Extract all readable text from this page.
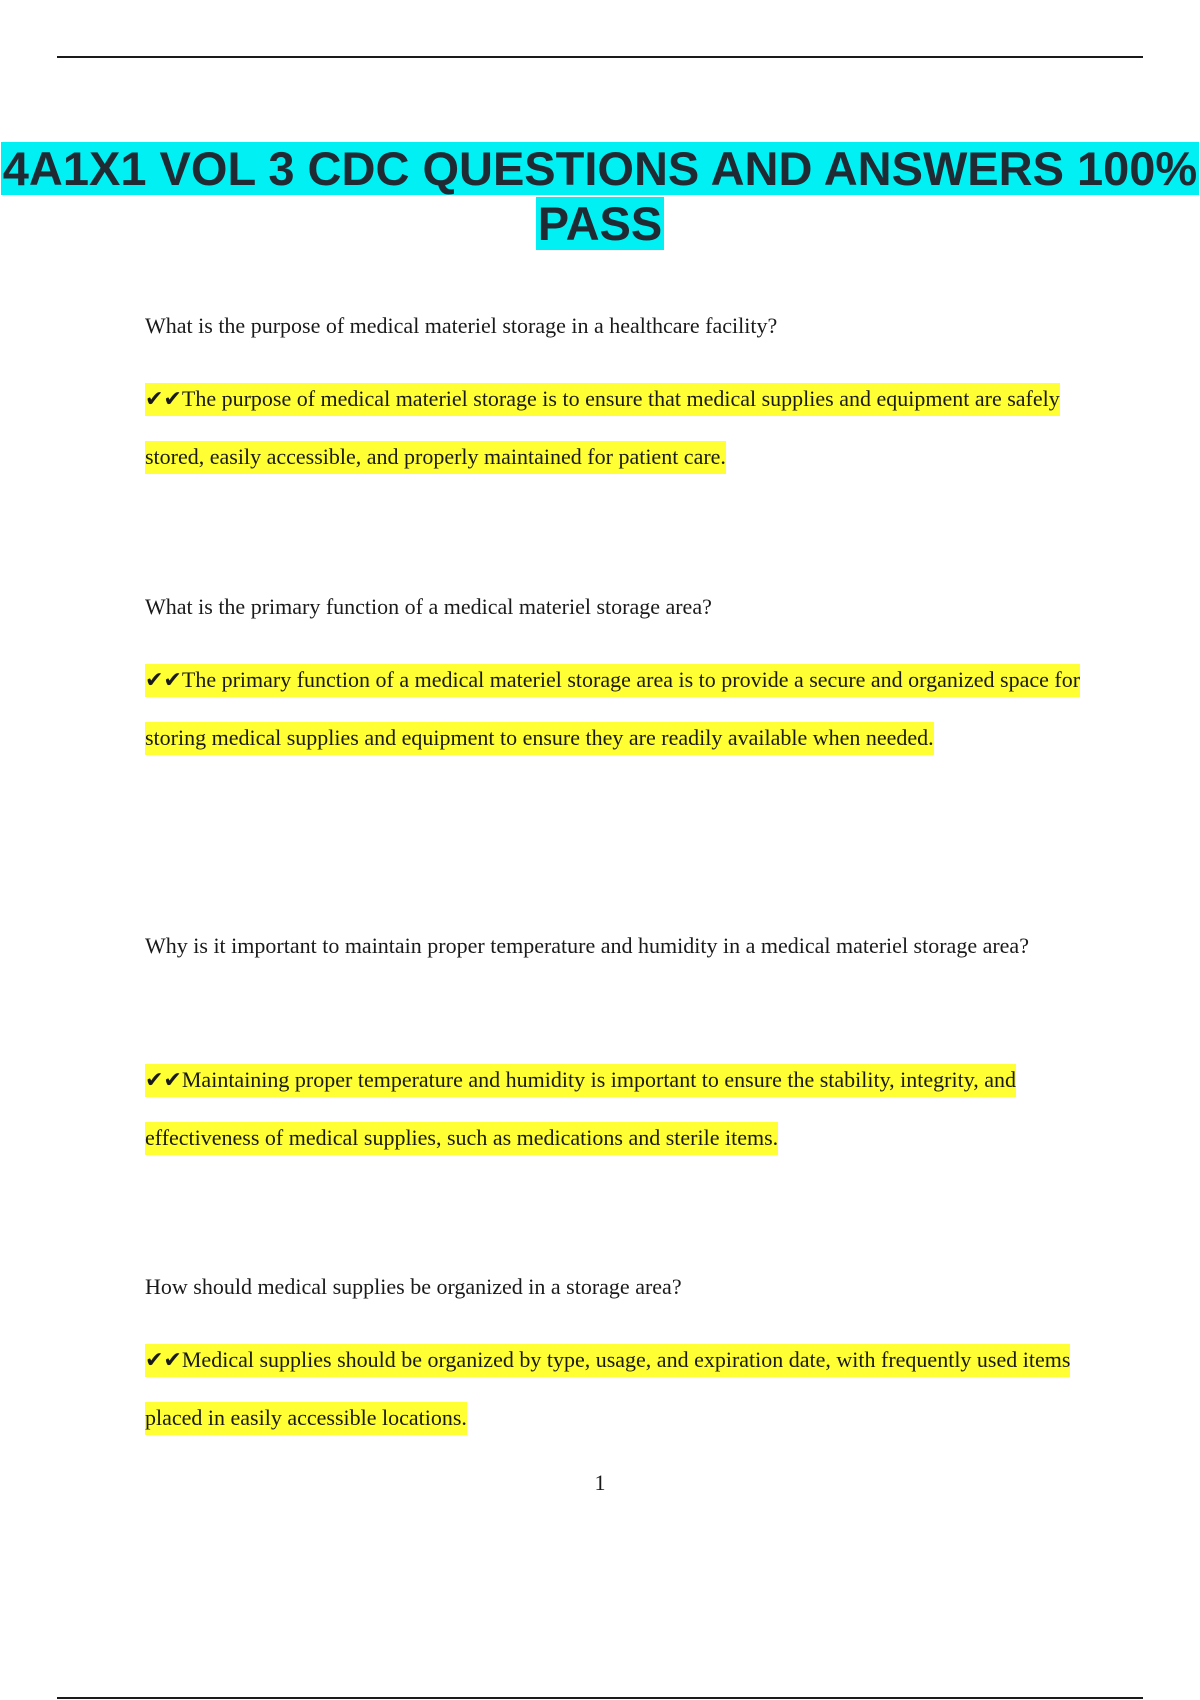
4A1X1 VOL 3 CDC QUESTIONS AND ANSWERS 100% PASS

What is the purpose of medical materiel storage in a healthcare facility?

✔✔The purpose of medical materiel storage is to ensure that medical supplies and equipment are safely stored, easily accessible, and properly maintained for patient care.

What is the primary function of a medical materiel storage area?

✔✔The primary function of a medical materiel storage area is to provide a secure and organized space for storing medical supplies and equipment to ensure they are readily available when needed.

Why is it important to maintain proper temperature and humidity in a medical materiel storage area?

✔✔Maintaining proper temperature and humidity is important to ensure the stability, integrity, and effectiveness of medical supplies, such as medications and sterile items.

How should medical supplies be organized in a storage area?

✔✔Medical supplies should be organized by type, usage, and expiration date, with frequently used items placed in easily accessible locations.

1
